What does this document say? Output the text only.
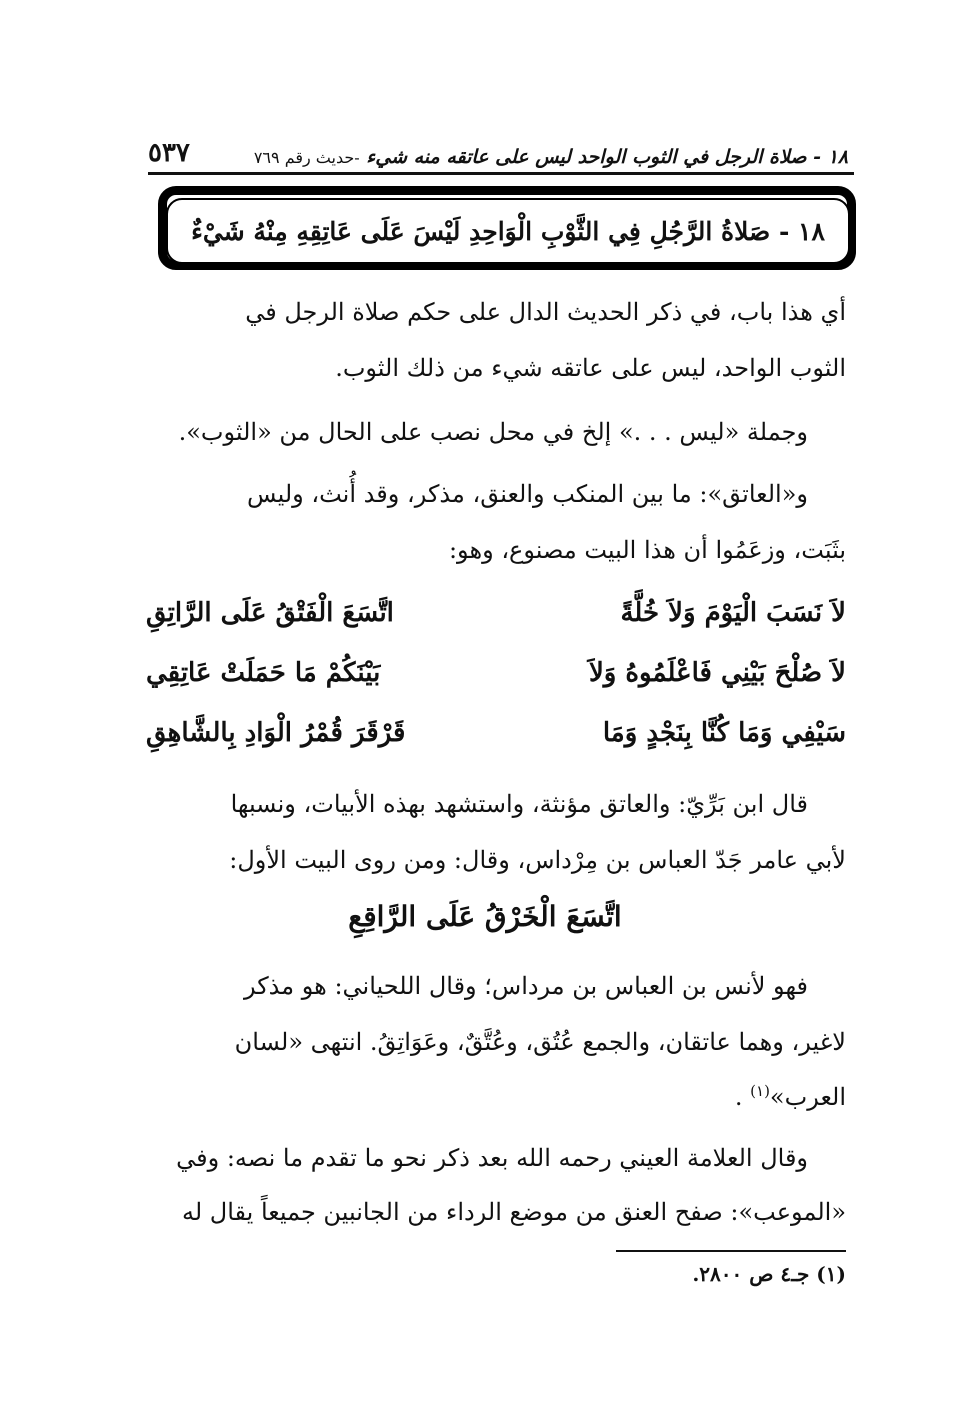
١٨ - صلاة الرجل في الثوب الواحد ليس على عاتقه منه شيء -حديث رقم ٧٦٩
٥٣٧
١٨ - صَلاةُ الرَّجُلِ فِي الثَّوْبِ الْوَاحِدِ لَيْسَ عَلَى عَاتِقِهِ مِنْهُ شَيْءٌ
أي هذا باب، في ذكر الحديث الدال على حكم صلاة الرجل في
الثوب الواحد، ليس على عاتقه شيء من ذلك الثوب.
وجملة «ليس . . .» إلخ في محل نصب على الحال من «الثوب».
و«العاتق»: ما بين المنكب والعنق، مذكر، وقد أُنث، وليس
بثَبَت، وزعَمُوا أن هذا البيت مصنوع، وهو:
لاَ نَسَبَ الْيَوْمَ وَلاَ خُلَّةً
اتَّسَعَ الْفَتْقُ عَلَى الرَّاتِقِ
لاَ صُلْحَ بَيْنِي فَاعْلَمُوهُ وَلاَ
بَيْنَكُمْ مَا حَمَلَتْ عَاتِقِي
سَيْفِي وَمَا كُنَّا بِنَجْدٍ وَمَا
قَرْقَرَ قُمْرُ الْوَادِ بِالشَّاهِقِ
قال ابن بَرِّيّ: والعاتق مؤنثة، واستشهد بهذه الأبيات، ونسبها
لأبي عامر جَدّ العباس بن مِرْداس، وقال: ومن روى البيت الأول:
اتَّسَعَ الْخَرْقُ عَلَى الرَّاقِعِ
فهو لأنس بن العباس بن مرداس؛ وقال اللحياني: هو مذكر
لاغير، وهما عاتقان، والجمع عُتُق، وعُتَّقٌ، وعَوَاتِقُ. انتهى «لسان
العرب»$^{(١)}$ .
وقال العلامة العيني رحمه الله بعد ذكر نحو ما تقدم ما نصه: وفي
«الموعب»: صفح العنق من موضع الرداء من الجانبين جميعاً يقال له
(١) جـ٤ ص ٢٨٠٠.
